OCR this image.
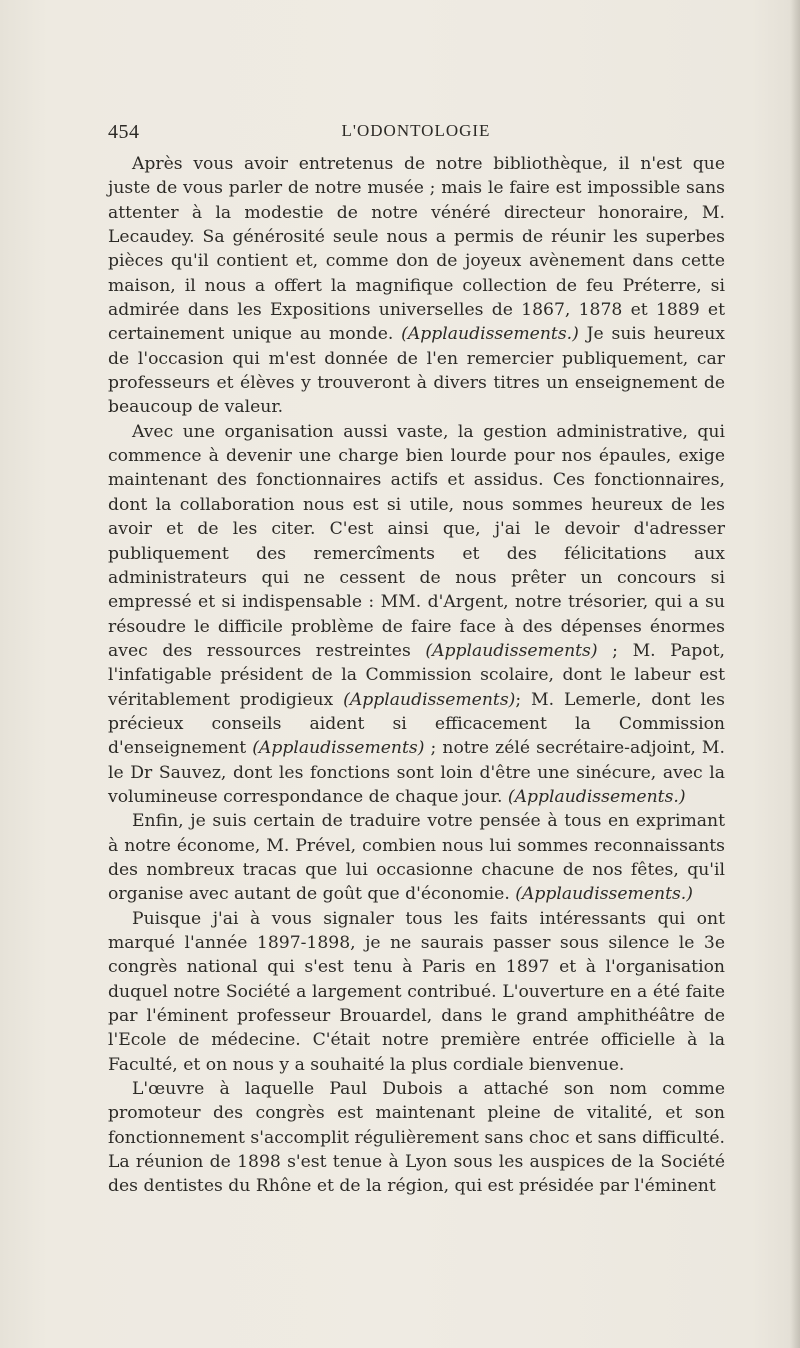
454	L'ODONTOLOGIE

Après vous avoir entretenus de notre bibliothèque, il n'est que juste de vous parler de notre musée ; mais le faire est impossible sans attenter à la modestie de notre vénéré directeur honoraire, M. Lecaudey. Sa générosité seule nous a permis de réunir les superbes pièces qu'il contient et, comme don de joyeux avènement dans cette maison, il nous a offert la magnifique collection de feu Préterre, si admirée dans les Expositions universelles de 1867, 1878 et 1889 et certainement unique au monde. (Applaudissements.) Je suis heureux de l'occasion qui m'est donnée de l'en remercier publiquement, car professeurs et élèves y trouveront à divers titres un enseignement de beaucoup de valeur.

Avec une organisation aussi vaste, la gestion administrative, qui commence à devenir une charge bien lourde pour nos épaules, exige maintenant des fonctionnaires actifs et assidus. Ces fonctionnaires, dont la collaboration nous est si utile, nous sommes heureux de les avoir et de les citer. C'est ainsi que, j'ai le devoir d'adresser publiquement des remercîments et des félicitations aux administrateurs qui ne cessent de nous prêter un concours si empressé et si indispensable : MM. d'Argent, notre trésorier, qui a su résoudre le difficile problème de faire face à des dépenses énormes avec des ressources restreintes (Applaudissements) ; M. Papot, l'infatigable président de la Commission scolaire, dont le labeur est véritablement prodigieux (Applaudissements); M. Lemerle, dont les précieux conseils aident si efficacement la Commission d'enseignement (Applaudissements) ; notre zélé secrétaire-adjoint, M. le Dr Sauvez, dont les fonctions sont loin d'être une sinécure, avec la volumineuse correspondance de chaque jour. (Applaudissements.)

Enfin, je suis certain de traduire votre pensée à tous en exprimant à notre économe, M. Prével, combien nous lui sommes reconnaissants des nombreux tracas que lui occasionne chacune de nos fêtes, qu'il organise avec autant de goût que d'économie. (Applaudissements.)

Puisque j'ai à vous signaler tous les faits intéressants qui ont marqué l'année 1897-1898, je ne saurais passer sous silence le 3e congrès national qui s'est tenu à Paris en 1897 et à l'organisation duquel notre Société a largement contribué. L'ouverture en a été faite par l'éminent professeur Brouardel, dans le grand amphithéâtre de l'Ecole de médecine. C'était notre première entrée officielle à la Faculté, et on nous y a souhaité la plus cordiale bienvenue.

L'œuvre à laquelle Paul Dubois a attaché son nom comme promoteur des congrès est maintenant pleine de vitalité, et son fonctionnement s'accomplit régulièrement sans choc et sans difficulté. La réunion de 1898 s'est tenue à Lyon sous les auspices de la Société des dentistes du Rhône et de la région, qui est présidée par l'éminent
